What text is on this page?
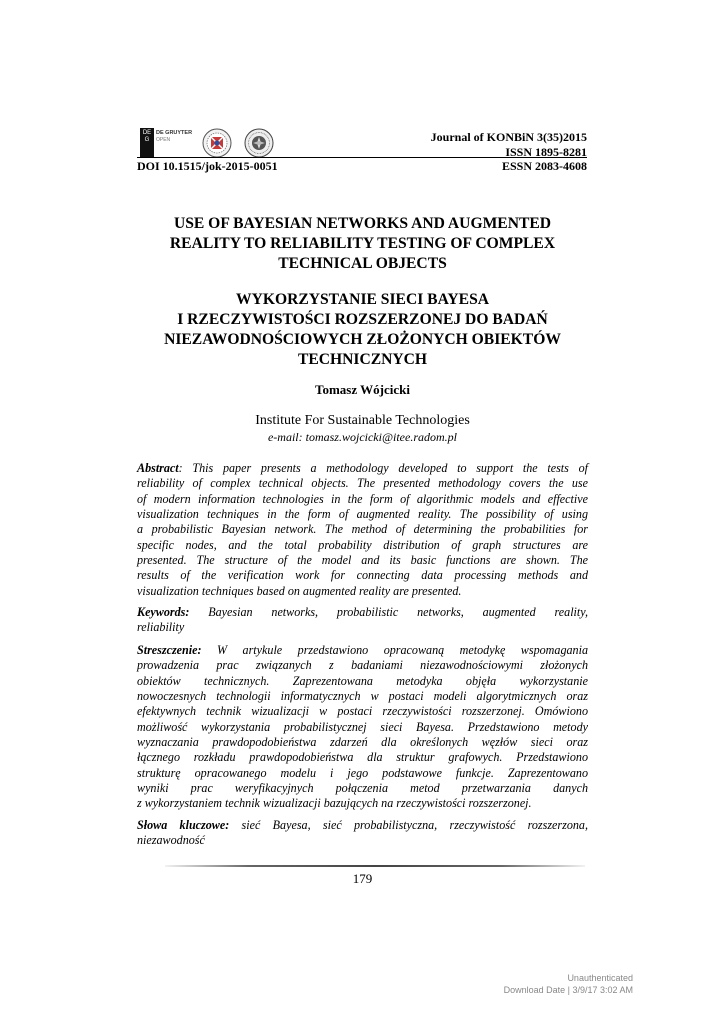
DE G
DE GRUYTER
OPEN	Journal of KONBiN 3(35)2015
ISSN 1895-8281
DOI 10.1515/jok-2015-0051	ESSN 2083-4608
USE OF BAYESIAN NETWORKS AND AUGMENTED
REALITY TO RELIABILITY TESTING OF COMPLEX
TECHNICAL OBJECTS
WYKORZYSTANIE SIECI BAYESA
I RZECZYWISTOŚCI ROZSZERZONEJ DO BADAŃ
NIEZAWODNOŚCIOWYCH ZŁOŻONYCH OBIEKTÓW
TECHNICZNYCH
Tomasz Wójcicki
Institute For Sustainable Technologies
e-mail: tomasz.wojcicki@itee.radom.pl
Abstract: This paper presents a methodology developed to support the tests of
reliability of complex technical objects. The presented methodology covers the use
of modern information technologies in the form of algorithmic models and effective
visualization techniques in the form of augmented reality. The possibility of using
a probabilistic Bayesian network. The method of determining the probabilities for
specific nodes, and the total probability distribution of graph structures are
presented. The structure of the model and its basic functions are shown. The
results of the verification work for connecting data processing methods and
visualization techniques based on augmented reality are presented.
Keywords: Bayesian networks, probabilistic networks, augmented reality,
reliability
Streszczenie: W artykule przedstawiono opracowaną metodykę wspomagania
prowadzenia prac związanych z badaniami niezawodnościowymi złożonych
obiektów technicznych. Zaprezentowana metodyka objęła wykorzystanie
nowoczesnych technologii informatycznych w postaci modeli algorytmicznych oraz
efektywnych technik wizualizacji w postaci rzeczywistości rozszerzonej. Omówiono
możliwość wykorzystania probabilistycznej sieci Bayesa. Przedstawiono metody
wyznaczania prawdopodobieństwa zdarzeń dla określonych węzłów sieci oraz
łącznego rozkładu prawdopodobieństwa dla struktur grafowych. Przedstawiono
strukturę opracowanego modelu i jego podstawowe funkcje. Zaprezentowano
wyniki prac weryfikacyjnych połączenia metod przetwarzania danych
z wykorzystaniem technik wizualizacji bazujących na rzeczywistości rozszerzonej.
Słowa kluczowe: sieć Bayesa, sieć probabilistyczna, rzeczywistość rozszerzona,
niezawodność
179
Unauthenticated
Download Date | 3/9/17 3:02 AM
